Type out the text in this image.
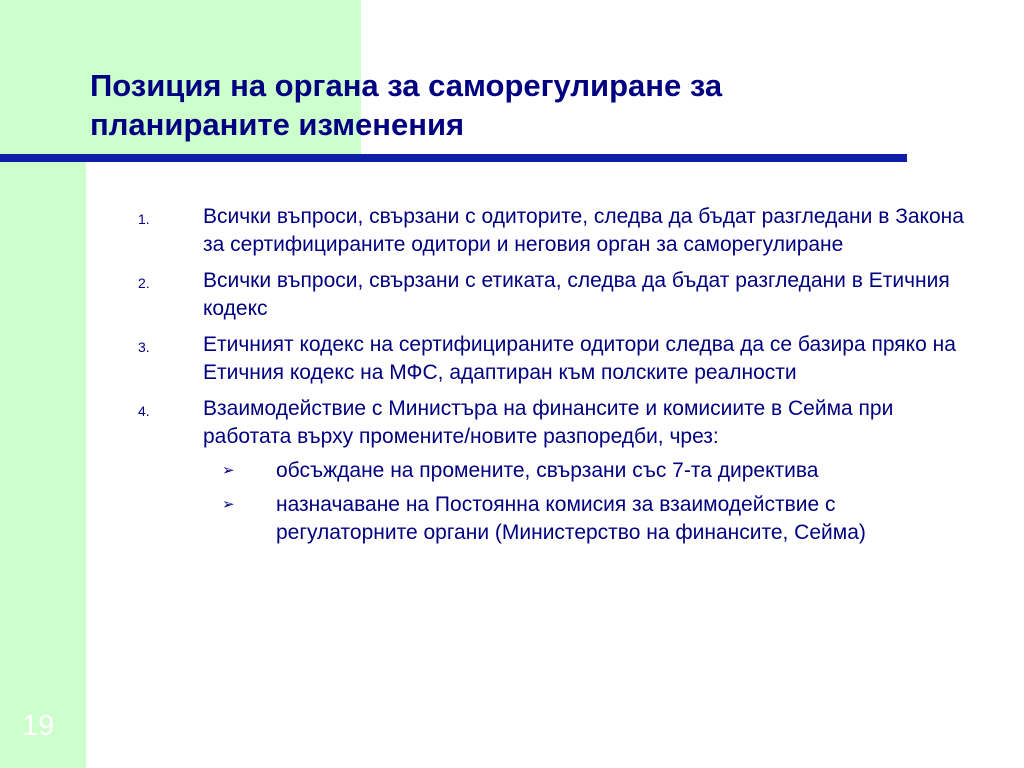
Позиция на органа за саморегулиране за
планираните изменения
1.	Всички въпроси, свързани с одиторите, следва да бъдат разгледани в Закона за сертифицираните одитори и неговия орган за саморегулиране
2.	Всички въпроси, свързани с етиката, следва да бъдат разгледани в Етичния кодекс
3.	Етичният кодекс на сертифицираните одитори следва да се базира пряко на Етичния кодекс на МФС, адаптиран към полските реалности
4.	Взаимодействие с Министъра на финансите и комисиите в Сейма при работата върху промените/новите разпоредби, чрез:
➢ обсъждане на промените, свързани със 7-та директива
➢ назначаване на Постоянна комисия за взаимодействие с регулаторните органи (Министерство на финансите, Сейма)
19
